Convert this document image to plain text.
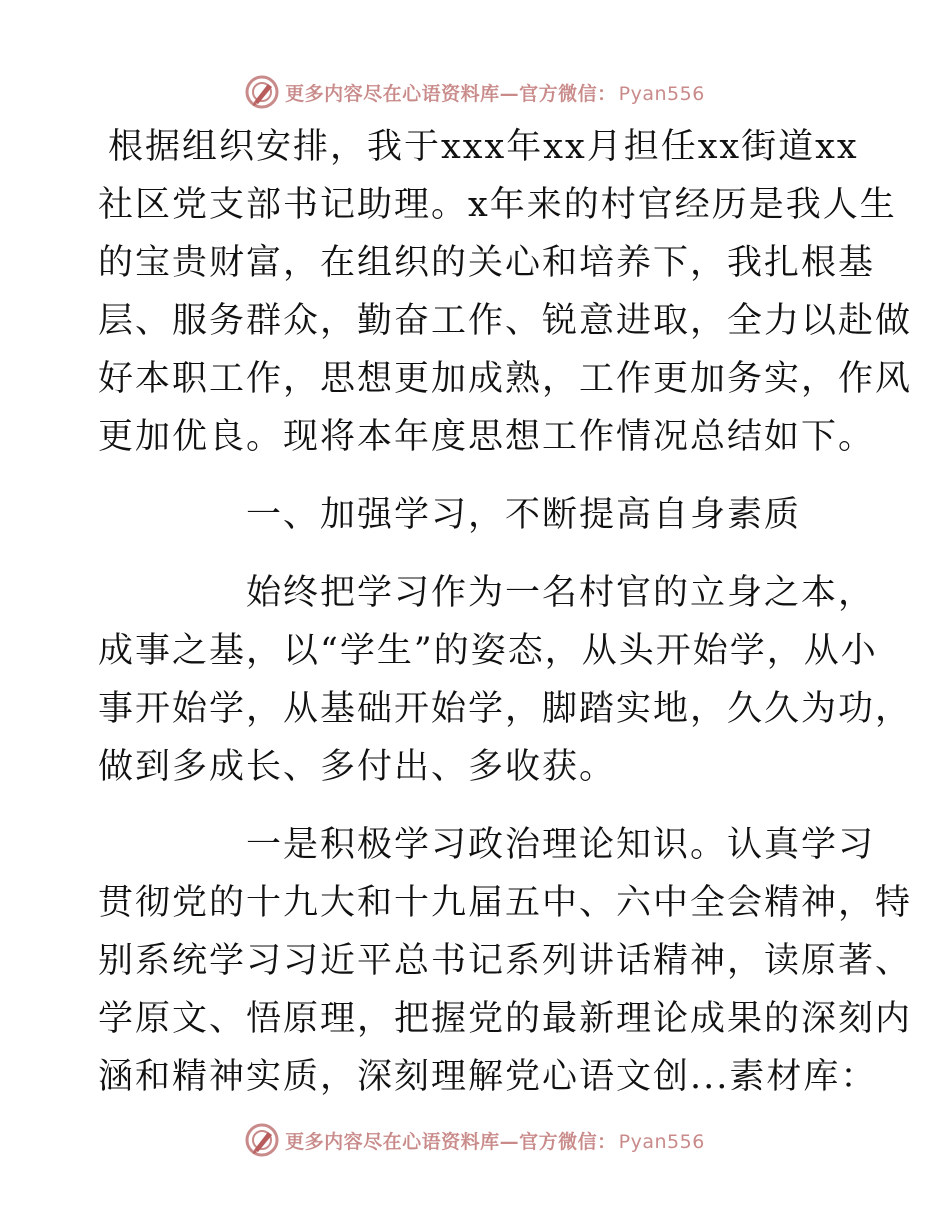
更多内容尽在心语资料库—官方微信： Pyan556
根据组织安排，我于xxx年xx月担任xx街道xx
社区党支部书记助理。x年来的村官经历是我人生
的宝贵财富，在组织的关心和培养下，我扎根基
层、服务群众，勤奋工作、锐意进取，全力以赴做
好本职工作，思想更加成熟，工作更加务实，作风
更加优良。现将本年度思想工作情况总结如下。
一、加强学习，不断提高自身素质
始终把学习作为一名村官的立身之本，
成事之基，以“学生”的姿态，从头开始学，从小
事开始学，从基础开始学，脚踏实地，久久为功，
做到多成长、多付出、多收获。
一是积极学习政治理论知识。认真学习
贯彻党的十九大和十九届五中、六中全会精神，特
别系统学习习近平总书记系列讲话精神，读原著、
学原文、悟原理，把握党的最新理论成果的深刻内
涵和精神实质，深刻理解党心语文创...素材库：
更多内容尽在心语资料库—官方微信： Pyan556
